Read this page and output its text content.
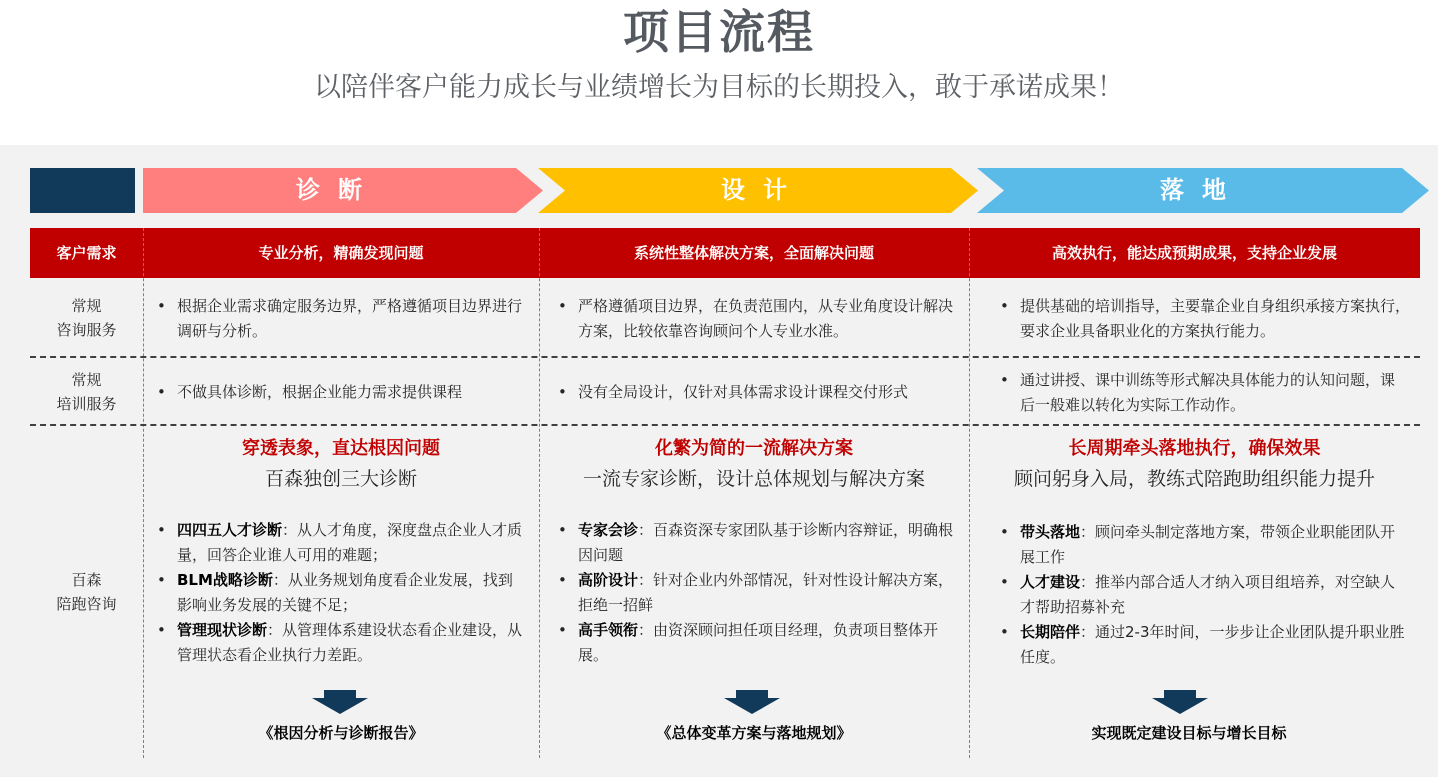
项目流程
以陪伴客户能力成长与业绩增长为目标的长期投入，敢于承诺成果！
诊断	设计	落地
客户需求	专业分析，精确发现问题	系统性整体解决方案，全面解决问题	高效执行，能达成预期成果，支持企业发展
常规
咨询服务
• 根据企业需求确定服务边界，严格遵循项目边界进行调研与分析。
• 严格遵循项目边界，在负责范围内，从专业角度设计解决方案，比较依靠咨询顾问个人专业水准。
• 提供基础的培训指导，主要靠企业自身组织承接方案执行，要求企业具备职业化的方案执行能力。
常规
培训服务
• 不做具体诊断，根据企业能力需求提供课程
•	没有全局设计，仅针对具体需求设计课程交付形式
• 通过讲授、课中训练等形式解决具体能力的认知问题，课后一般难以转化为实际工作动作。
百森
陪跑咨询
穿透表象，直达根因问题
百森独创三大诊断
• 四四五人才诊断：从人才角度，深度盘点企业人才质量，回答企业谁人可用的难题；
• BLM战略诊断：从业务规划角度看企业发展，找到影响业务发展的关键不足；
• 管理现状诊断：从管理体系建设状态看企业建设，从管理状态看企业执行力差距。
化繁为简的一流解决方案
一流专家诊断，设计总体规划与解决方案
• 专家会诊：百森资深专家团队基于诊断内容辩证，明确根因问题
• 高阶设计：针对企业内外部情况，针对性设计解决方案，拒绝一招鲜
• 高手领衔：由资深顾问担任项目经理，负责项目整体开展。
长周期牵头落地执行，确保效果
顾问躬身入局，教练式陪跑助组织能力提升
• 带头落地：顾问牵头制定落地方案，带领企业职能团队开展工作
• 人才建设：推举内部合适人才纳入项目组培养，对空缺人才帮助招募补充
• 长期陪伴：通过2-3年时间，一步步让企业团队提升职业胜任度。
《根因分析与诊断报告》	《总体变革方案与落地规划》	实现既定建设目标与增长目标
